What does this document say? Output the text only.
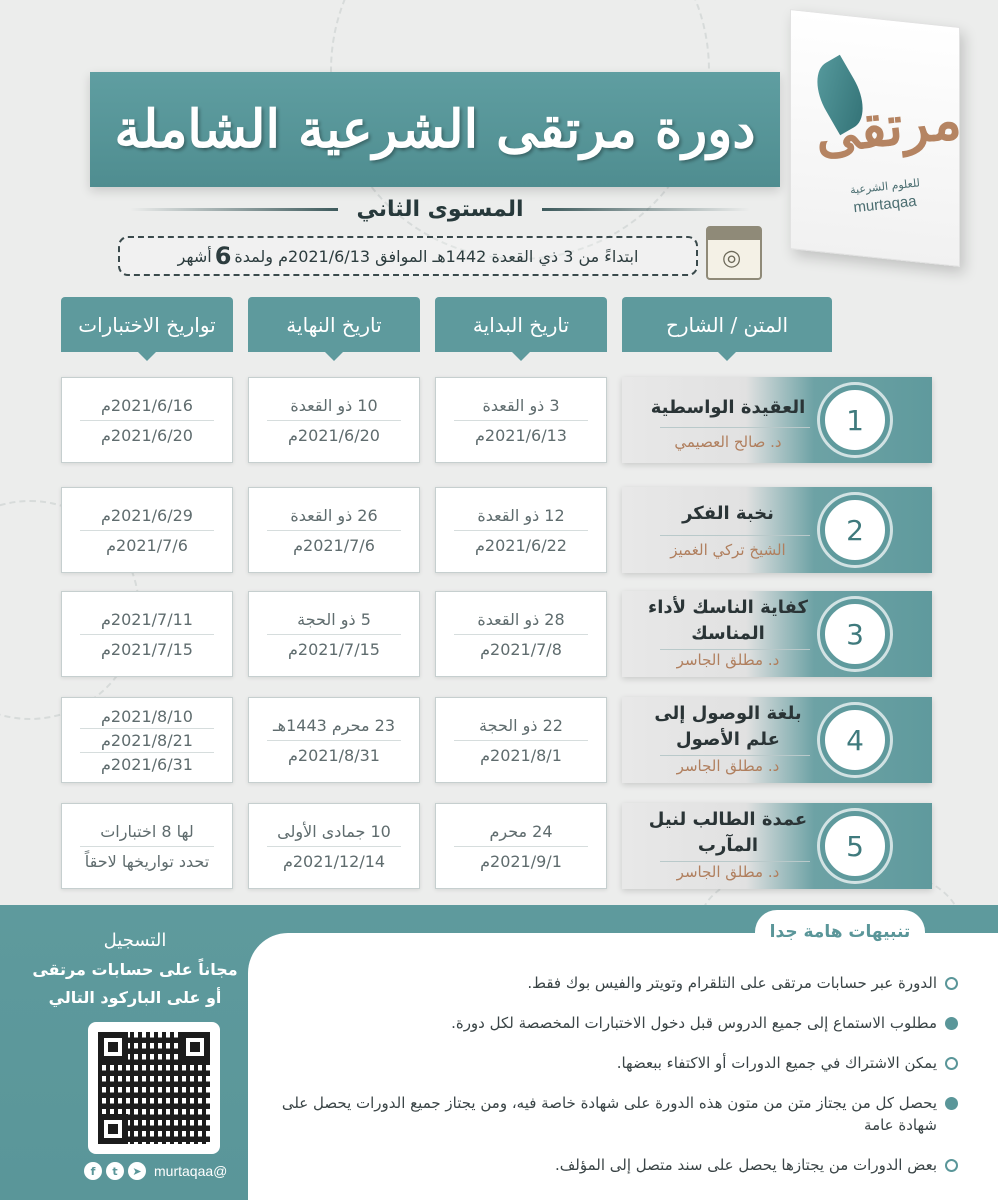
مرتقى
للعلوم الشرعية
murtaqaa
دورة مرتقى الشرعية الشاملة
المستوى الثاني
◎
ابتداءً من 3 ذي القعدة 1442هـ الموافق 2021/6/13م ولمدة
6
أشهر
المتن / الشارح
تاريخ البداية
تاريخ النهاية
تواريخ الاختبارات
1
العقيدة الواسطية
د. صالح العصيمي
3 ذو القعدة
2021/6/13م
10 ذو القعدة
2021/6/20م
2021/6/16م
2021/6/20م
2
نخبة الفكر
الشيخ تركي الغميز
12 ذو القعدة
2021/6/22م
26 ذو القعدة
2021/7/6م
2021/6/29م
2021/7/6م
3
كفاية الناسك لأداء المناسك
د. مطلق الجاسر
28 ذو القعدة
2021/7/8م
5 ذو الحجة
2021/7/15م
2021/7/11م
2021/7/15م
4
بلغة الوصول إلى علم الأصول
د. مطلق الجاسر
22 ذو الحجة
2021/8/1م
23 محرم 1443هـ
2021/8/31م
2021/8/10م
2021/8/21م
2021/6/31م
5
عمدة الطالب لنيل المآرب
د. مطلق الجاسر
24 محرم
2021/9/1م
10 جمادى الأولى
2021/12/14م
لها 8 اختبارات
تحدد تواريخها لاحقاً
تنبيهات هامة جدا
الدورة عبر حسابات مرتقى على التلقرام وتويتر والفيس بوك فقط.
مطلوب الاستماع إلى جميع الدروس قبل دخول الاختبارات المخصصة لكل دورة.
يمكن الاشتراك في جميع الدورات أو الاكتفاء ببعضها.
يحصل كل من يجتاز متن من متون هذه الدورة على شهادة خاصة فيه، ومن يجتاز جميع الدورات يحصل على شهادة عامة
بعض الدورات من يجتازها يحصل على سند متصل إلى المؤلف.
التسجيل
مجاناً على حسابات مرتقى
أو على الباركود التالي
f	t	➤ murtaqaa@
